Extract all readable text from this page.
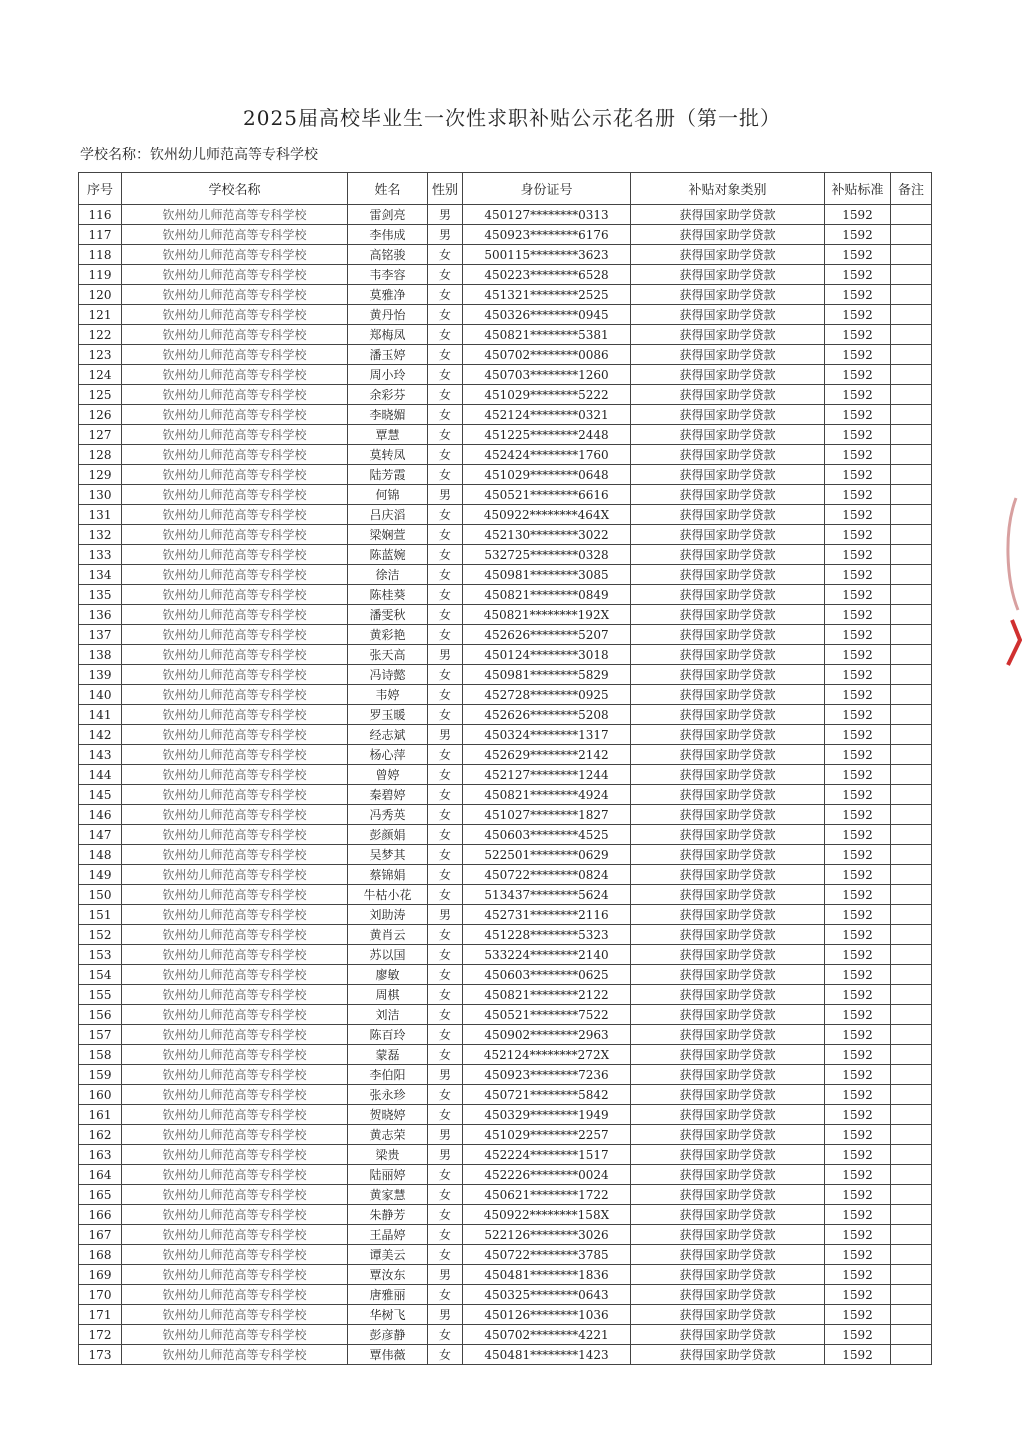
2025届高校毕业生一次性求职补贴公示花名册（第一批）
学校名称：钦州幼儿师范高等专科学校
序号	学校名称	姓名	性别	身份证号	补贴对象类别	补贴标准	备注
116	钦州幼儿师范高等专科学校	雷剑亮	男	450127********0313	获得国家助学贷款	1592	
117	钦州幼儿师范高等专科学校	李伟成	男	450923********6176	获得国家助学贷款	1592	
118	钦州幼儿师范高等专科学校	高铭骏	女	500115********3623	获得国家助学贷款	1592	
119	钦州幼儿师范高等专科学校	韦李容	女	450223********6528	获得国家助学贷款	1592	
120	钦州幼儿师范高等专科学校	莫雅净	女	451321********2525	获得国家助学贷款	1592	
121	钦州幼儿师范高等专科学校	黄丹怡	女	450326********0945	获得国家助学贷款	1592	
122	钦州幼儿师范高等专科学校	郑梅凤	女	450821********5381	获得国家助学贷款	1592	
123	钦州幼儿师范高等专科学校	潘玉婷	女	450702********0086	获得国家助学贷款	1592	
124	钦州幼儿师范高等专科学校	周小玲	女	450703********1260	获得国家助学贷款	1592	
125	钦州幼儿师范高等专科学校	余彩芬	女	451029********5222	获得国家助学贷款	1592	
126	钦州幼儿师范高等专科学校	李晓媚	女	452124********0321	获得国家助学贷款	1592	
127	钦州幼儿师范高等专科学校	覃慧	女	451225********2448	获得国家助学贷款	1592	
128	钦州幼儿师范高等专科学校	莫转凤	女	452424********1760	获得国家助学贷款	1592	
129	钦州幼儿师范高等专科学校	陆芳霞	女	451029********0648	获得国家助学贷款	1592	
130	钦州幼儿师范高等专科学校	何锦	男	450521********6616	获得国家助学贷款	1592	
131	钦州幼儿师范高等专科学校	吕庆滔	女	450922********464X	获得国家助学贷款	1592	
132	钦州幼儿师范高等专科学校	梁娴萱	女	452130********3022	获得国家助学贷款	1592	
133	钦州幼儿师范高等专科学校	陈蓝婉	女	532725********0328	获得国家助学贷款	1592	
134	钦州幼儿师范高等专科学校	徐洁	女	450981********3085	获得国家助学贷款	1592	
135	钦州幼儿师范高等专科学校	陈桂葵	女	450821********0849	获得国家助学贷款	1592	
136	钦州幼儿师范高等专科学校	潘雯秋	女	450821********192X	获得国家助学贷款	1592	
137	钦州幼儿师范高等专科学校	黄彩艳	女	452626********5207	获得国家助学贷款	1592	
138	钦州幼儿师范高等专科学校	张天高	男	450124********3018	获得国家助学贷款	1592	
139	钦州幼儿师范高等专科学校	冯诗懿	女	450981********5829	获得国家助学贷款	1592	
140	钦州幼儿师范高等专科学校	韦婷	女	452728********0925	获得国家助学贷款	1592	
141	钦州幼儿师范高等专科学校	罗玉暖	女	452626********5208	获得国家助学贷款	1592	
142	钦州幼儿师范高等专科学校	经志斌	男	450324********1317	获得国家助学贷款	1592	
143	钦州幼儿师范高等专科学校	杨心萍	女	452629********2142	获得国家助学贷款	1592	
144	钦州幼儿师范高等专科学校	曾婷	女	452127********1244	获得国家助学贷款	1592	
145	钦州幼儿师范高等专科学校	秦碧婷	女	450821********4924	获得国家助学贷款	1592	
146	钦州幼儿师范高等专科学校	冯秀英	女	451027********1827	获得国家助学贷款	1592	
147	钦州幼儿师范高等专科学校	彭颜娟	女	450603********4525	获得国家助学贷款	1592	
148	钦州幼儿师范高等专科学校	吴梦其	女	522501********0629	获得国家助学贷款	1592	
149	钦州幼儿师范高等专科学校	蔡锦娟	女	450722********0824	获得国家助学贷款	1592	
150	钦州幼儿师范高等专科学校	牛枯小花	女	513437********5624	获得国家助学贷款	1592	
151	钦州幼儿师范高等专科学校	刘助涛	男	452731********2116	获得国家助学贷款	1592	
152	钦州幼儿师范高等专科学校	黄肖云	女	451228********5323	获得国家助学贷款	1592	
153	钦州幼儿师范高等专科学校	苏以国	女	533224********2140	获得国家助学贷款	1592	
154	钦州幼儿师范高等专科学校	廖敏	女	450603********0625	获得国家助学贷款	1592	
155	钦州幼儿师范高等专科学校	周棋	女	450821********2122	获得国家助学贷款	1592	
156	钦州幼儿师范高等专科学校	刘洁	女	450521********7522	获得国家助学贷款	1592	
157	钦州幼儿师范高等专科学校	陈百玲	女	450902********2963	获得国家助学贷款	1592	
158	钦州幼儿师范高等专科学校	蒙磊	女	452124********272X	获得国家助学贷款	1592	
159	钦州幼儿师范高等专科学校	李伯阳	男	450923********7236	获得国家助学贷款	1592	
160	钦州幼儿师范高等专科学校	张永珍	女	450721********5842	获得国家助学贷款	1592	
161	钦州幼儿师范高等专科学校	贺晓婷	女	450329********1949	获得国家助学贷款	1592	
162	钦州幼儿师范高等专科学校	黄志荣	男	451029********2257	获得国家助学贷款	1592	
163	钦州幼儿师范高等专科学校	梁贵	男	452224********1517	获得国家助学贷款	1592	
164	钦州幼儿师范高等专科学校	陆丽婷	女	452226********0024	获得国家助学贷款	1592	
165	钦州幼儿师范高等专科学校	黄家慧	女	450621********1722	获得国家助学贷款	1592	
166	钦州幼儿师范高等专科学校	朱静芳	女	450922********158X	获得国家助学贷款	1592	
167	钦州幼儿师范高等专科学校	王晶婷	女	522126********3026	获得国家助学贷款	1592	
168	钦州幼儿师范高等专科学校	谭美云	女	450722********3785	获得国家助学贷款	1592	
169	钦州幼儿师范高等专科学校	覃汝东	男	450481********1836	获得国家助学贷款	1592	
170	钦州幼儿师范高等专科学校	唐雅丽	女	450325********0643	获得国家助学贷款	1592	
171	钦州幼儿师范高等专科学校	华树飞	男	450126********1036	获得国家助学贷款	1592	
172	钦州幼儿师范高等专科学校	彭彦静	女	450702********4221	获得国家助学贷款	1592	
173	钦州幼儿师范高等专科学校	覃伟薇	女	450481********1423	获得国家助学贷款	1592	
